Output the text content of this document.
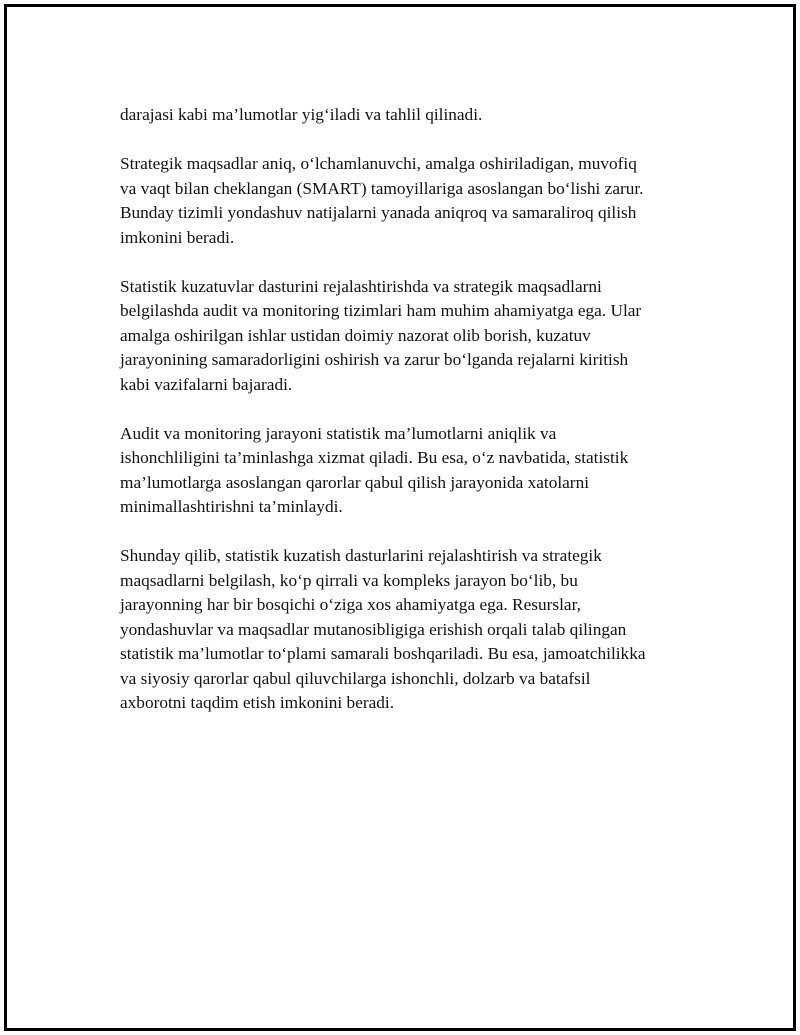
darajasi kabi ma’lumotlar yig‘iladi va tahlil qilinadi.

Strategik maqsadlar aniq, o‘lchamlanuvchi, amalga oshiriladigan, muvofiq
va vaqt bilan cheklangan (SMART) tamoyillariga asoslangan bo‘lishi zarur.
Bunday tizimli yondashuv natijalarni yanada aniqroq va samaraliroq qilish
imkonini beradi.

Statistik kuzatuvlar dasturini rejalashtirishda va strategik maqsadlarni
belgilashda audit va monitoring tizimlari ham muhim ahamiyatga ega. Ular
amalga oshirilgan ishlar ustidan doimiy nazorat olib borish, kuzatuv
jarayonining samaradorligini oshirish va zarur bo‘lganda rejalarni kiritish
kabi vazifalarni bajaradi.

Audit va monitoring jarayoni statistik ma’lumotlarni aniqlik va
ishonchliligini ta’minlashga xizmat qiladi. Bu esa, o‘z navbatida, statistik
ma’lumotlarga asoslangan qarorlar qabul qilish jarayonida xatolarni
minimallashtirishni ta’minlaydi.

Shunday qilib, statistik kuzatish dasturlarini rejalashtirish va strategik
maqsadlarni belgilash, ko‘p qirrali va kompleks jarayon bo‘lib, bu
jarayonning har bir bosqichi o‘ziga xos ahamiyatga ega. Resurslar,
yondashuvlar va maqsadlar mutanosibligiga erishish orqali talab qilingan
statistik ma’lumotlar to‘plami samarali boshqariladi. Bu esa, jamoatchilikka
va siyosiy qarorlar qabul qiluvchilarga ishonchli, dolzarb va batafsil
axborotni taqdim etish imkonini beradi.
